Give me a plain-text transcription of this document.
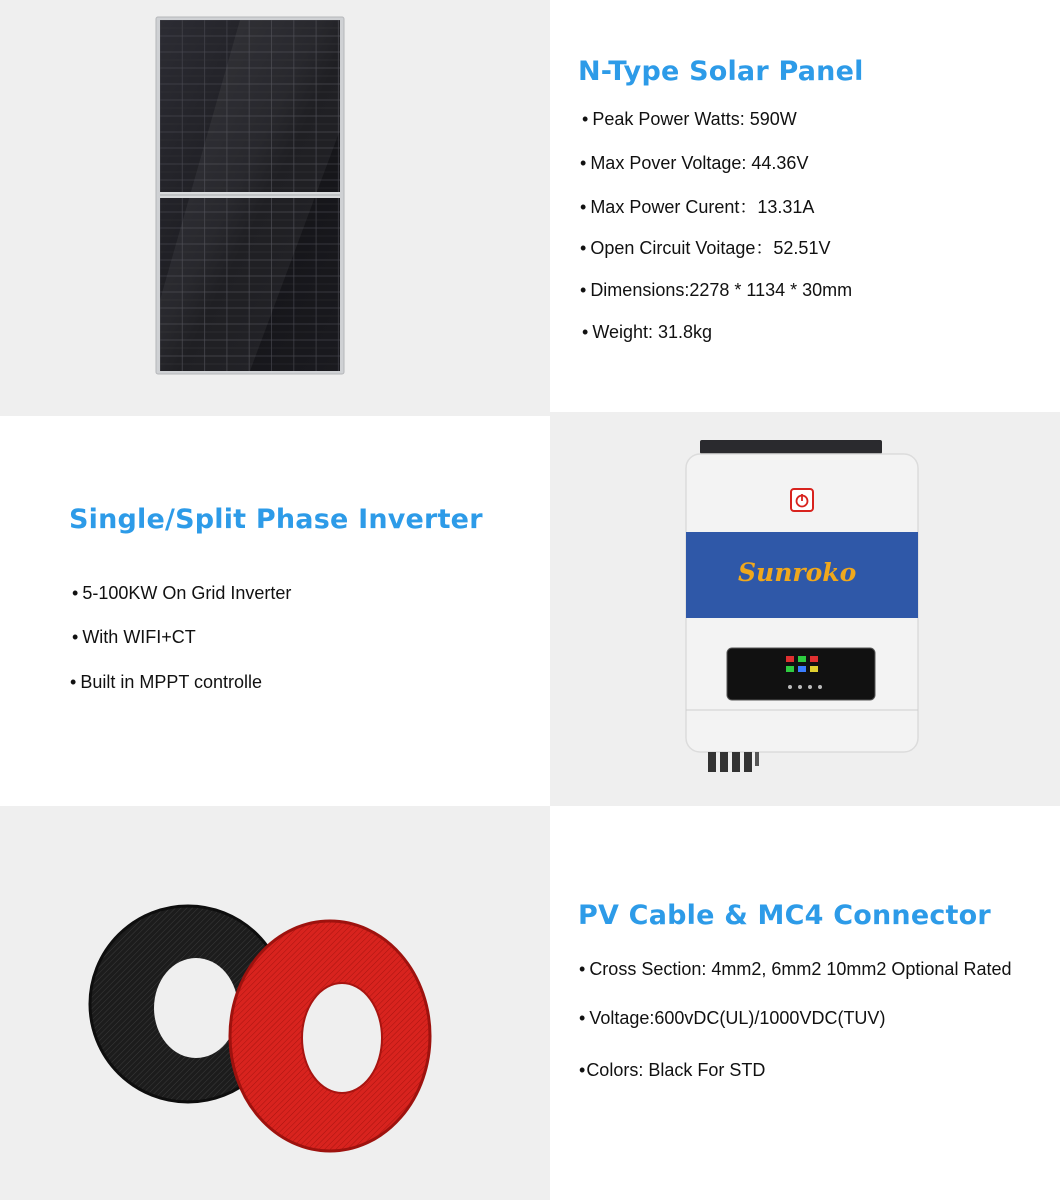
N-Type Solar Panel
• Peak Power Watts: 590W
• Max Pover Voltage: 44.36V
• Max Power Curent：13.31A
• Open Circuit Voitage：52.51V
• Dimensions:2278 * 1134 * 30mm
• Weight: 31.8kg
Single/Split Phase Inverter
• 5-100KW On Grid Inverter
• With WIFI+CT
• Built in MPPT controlle
Sunroko
PV Cable & MC4 Connector
• Cross Section: 4mm2, 6mm2 10mm2 Optional Rated
• Voltage:600vDC(UL)/1000VDC(TUV)
• Colors: Black For STD
